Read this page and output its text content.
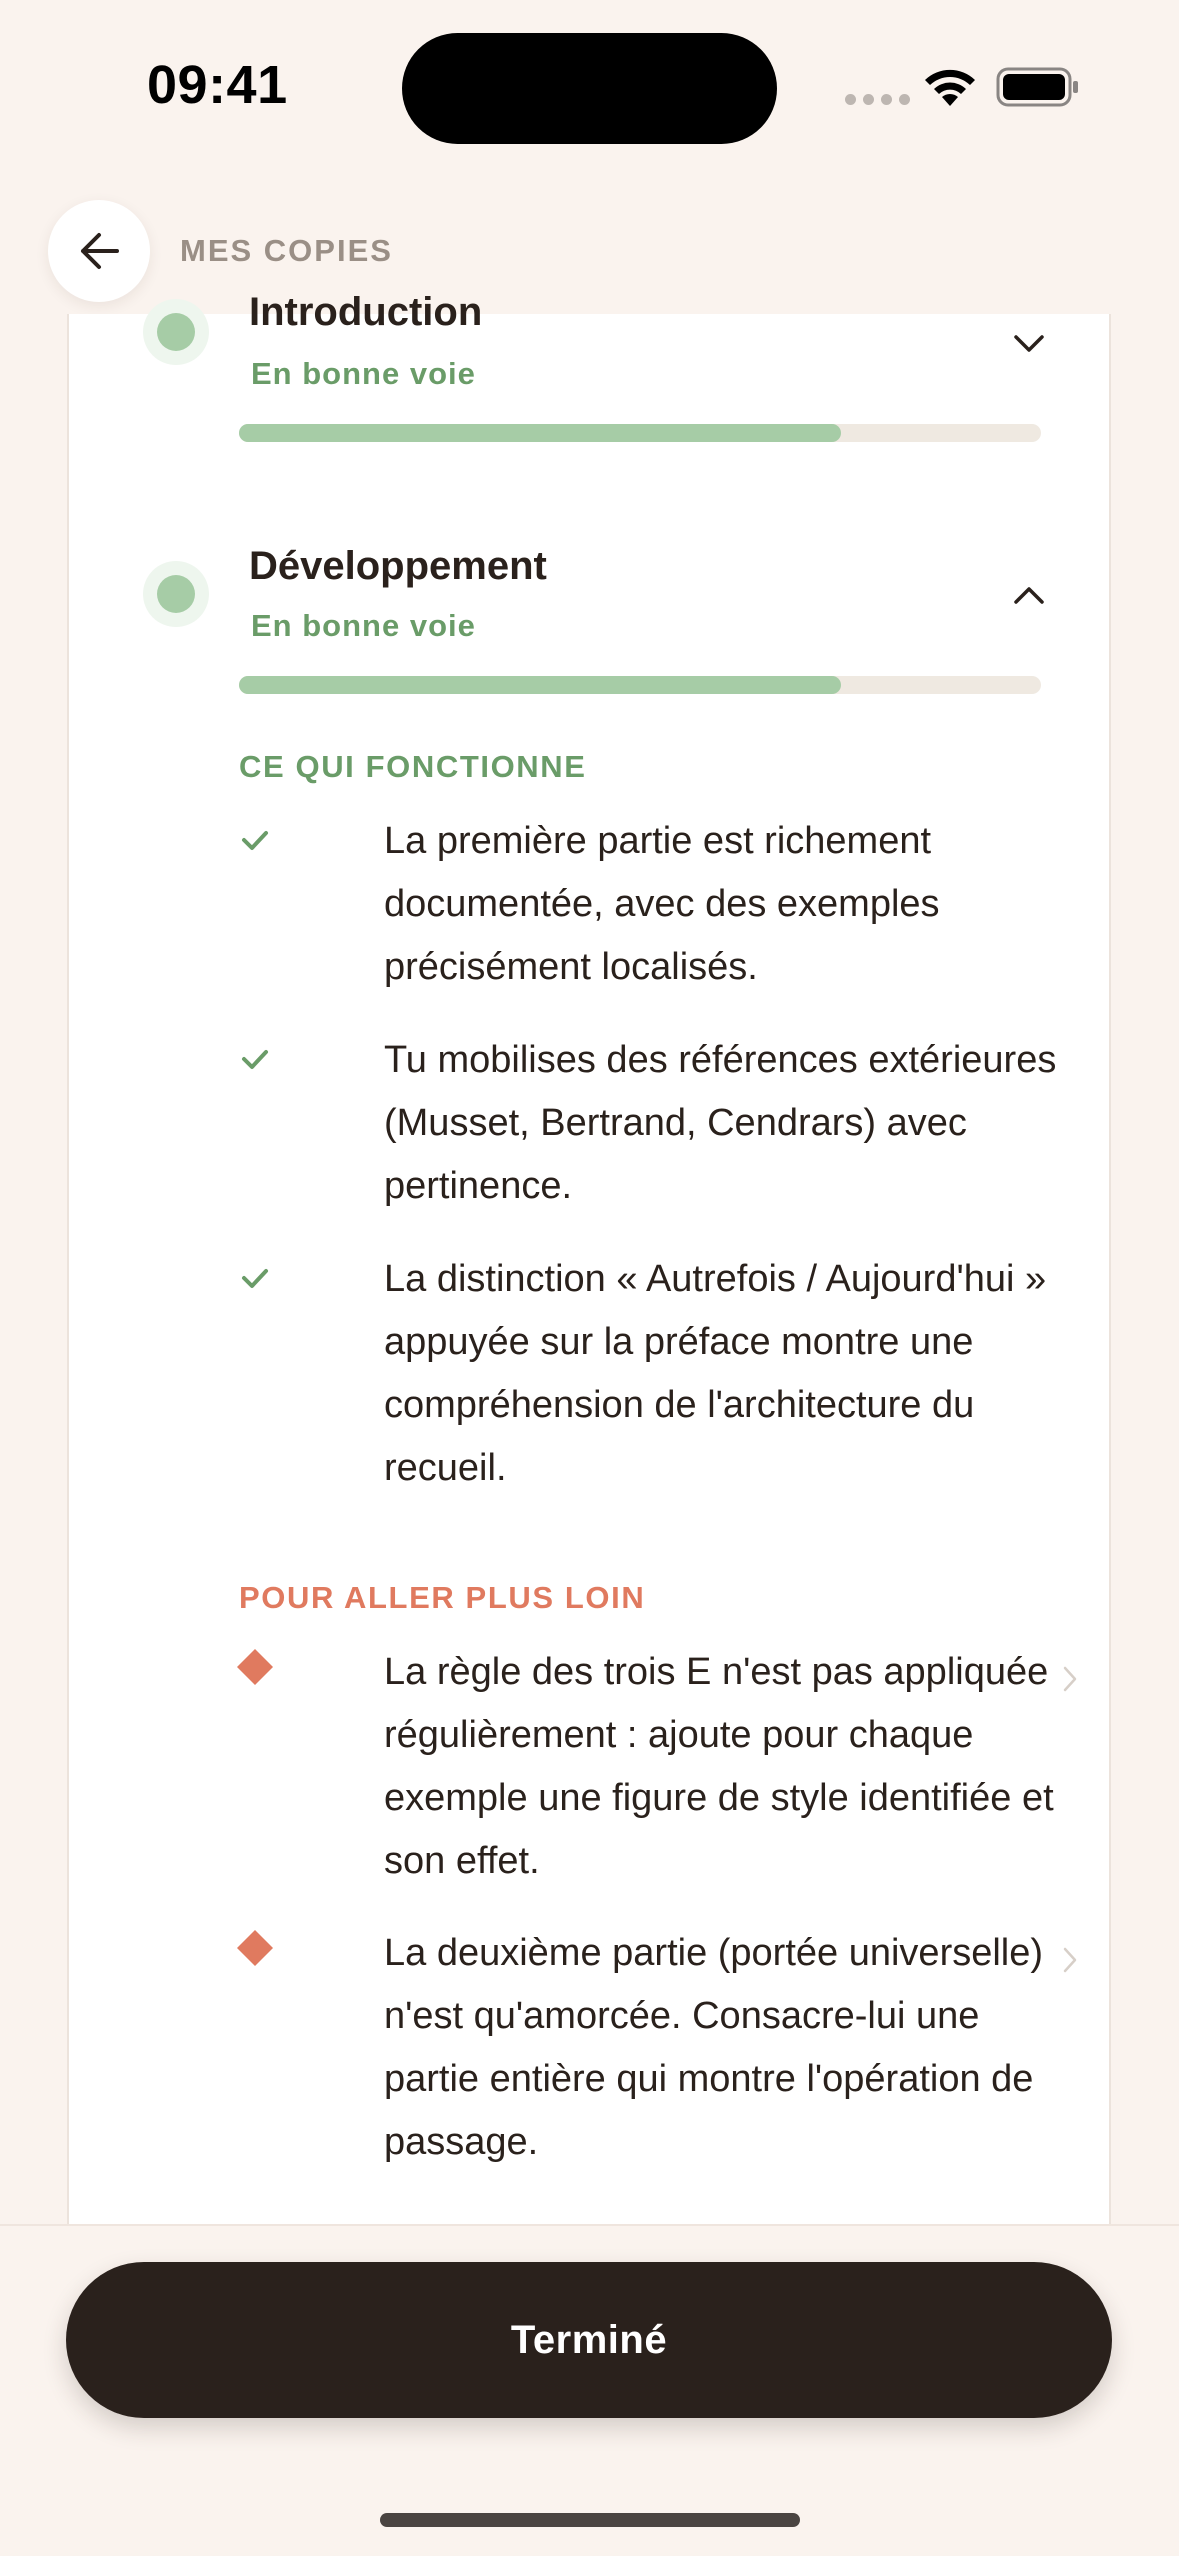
09:41
MES COPIES
Introduction
En bonne voie
Développement
En bonne voie
CE QUI FONCTIONNE
La première partie est richement documentée, avec des exemples précisément localisés.
Tu mobilises des références extérieures (Musset, Bertrand, Cendrars) avec pertinence.
La distinction « Autrefois / Aujourd'hui » appuyée sur la préface montre une compréhension de l'architecture du recueil.
POUR ALLER PLUS LOIN
La règle des trois E n'est pas appliquée régulièrement : ajoute pour chaque exemple une figure de style identifiée et son effet.
La deuxième partie (portée universelle) n'est qu'amorcée. Consacre-lui une partie entière qui montre l'opération de passage.
Terminé
